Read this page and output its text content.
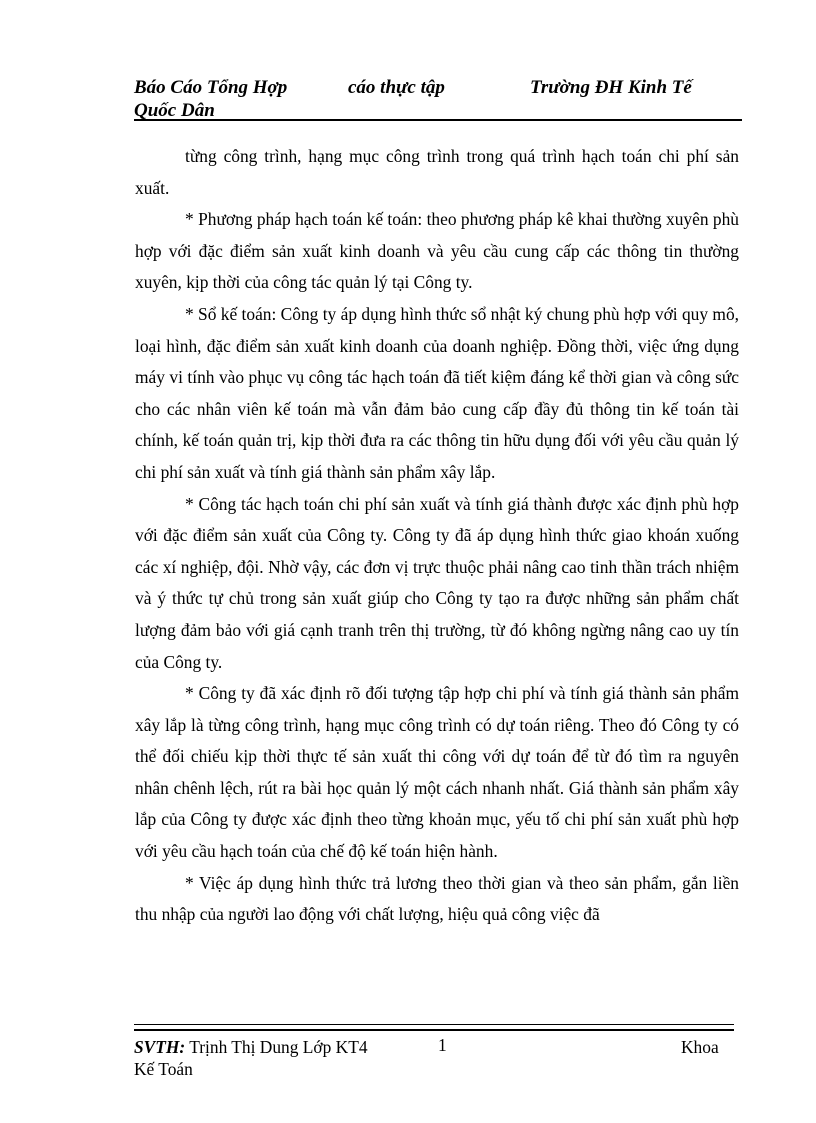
Báo Cáo Tổng Hợp	cáo thực tập	Trường ĐH Kinh Tế
Quốc Dân

từng công trình, hạng mục công trình trong quá trình hạch toán chi phí sản xuất.

* Phương pháp hạch toán kế toán: theo phương pháp kê khai thường xuyên phù hợp với đặc điểm sản xuất kinh doanh và yêu cầu cung cấp các thông tin thường xuyên, kịp thời của công tác quản lý tại Công ty.

* Sổ kế toán: Công ty áp dụng hình thức sổ nhật ký chung phù hợp với quy mô, loại hình, đặc điểm sản xuất kinh doanh của doanh nghiệp. Đồng thời, việc ứng dụng máy vi tính vào phục vụ công tác hạch toán đã tiết kiệm đáng kể thời gian và công sức cho các nhân viên kế toán mà vẫn đảm bảo cung cấp đầy đủ thông tin kế toán tài chính, kế toán quản trị, kịp thời đưa ra các thông tin hữu dụng đối với yêu cầu quản lý chi phí sản xuất và tính giá thành sản phẩm xây lắp.

* Công tác hạch toán chi phí sản xuất và tính giá thành được xác định phù hợp với đặc điểm sản xuất của Công ty. Công ty đã áp dụng hình thức giao khoán xuống các xí nghiệp, đội. Nhờ vậy, các đơn vị trực thuộc phải nâng cao tinh thần trách nhiệm và ý thức tự chủ trong sản xuất giúp cho Công ty tạo ra được những sản phẩm chất lượng đảm bảo với giá cạnh tranh trên thị trường, từ đó không ngừng nâng cao uy tín của Công ty.

* Công ty đã xác định rõ đối tượng tập hợp chi phí và tính giá thành sản phẩm xây lắp là từng công trình, hạng mục công trình có dự toán riêng. Theo đó Công ty có thể đối chiếu kịp thời thực tế sản xuất thi công với dự toán để từ đó tìm ra nguyên nhân chênh lệch, rút ra bài học quản lý một cách nhanh nhất. Giá thành sản phẩm xây lắp của Công ty được xác định theo từng khoản mục, yếu tố chi phí sản xuất phù hợp với yêu cầu hạch toán của chế độ kế toán hiện hành.

* Việc áp dụng hình thức trả lương theo thời gian và theo sản phẩm, gắn liền thu nhập của người lao động với chất lượng, hiệu quả công việc đã

SVTH: Trịnh Thị Dung Lớp KT4	1	Khoa
Kế Toán
